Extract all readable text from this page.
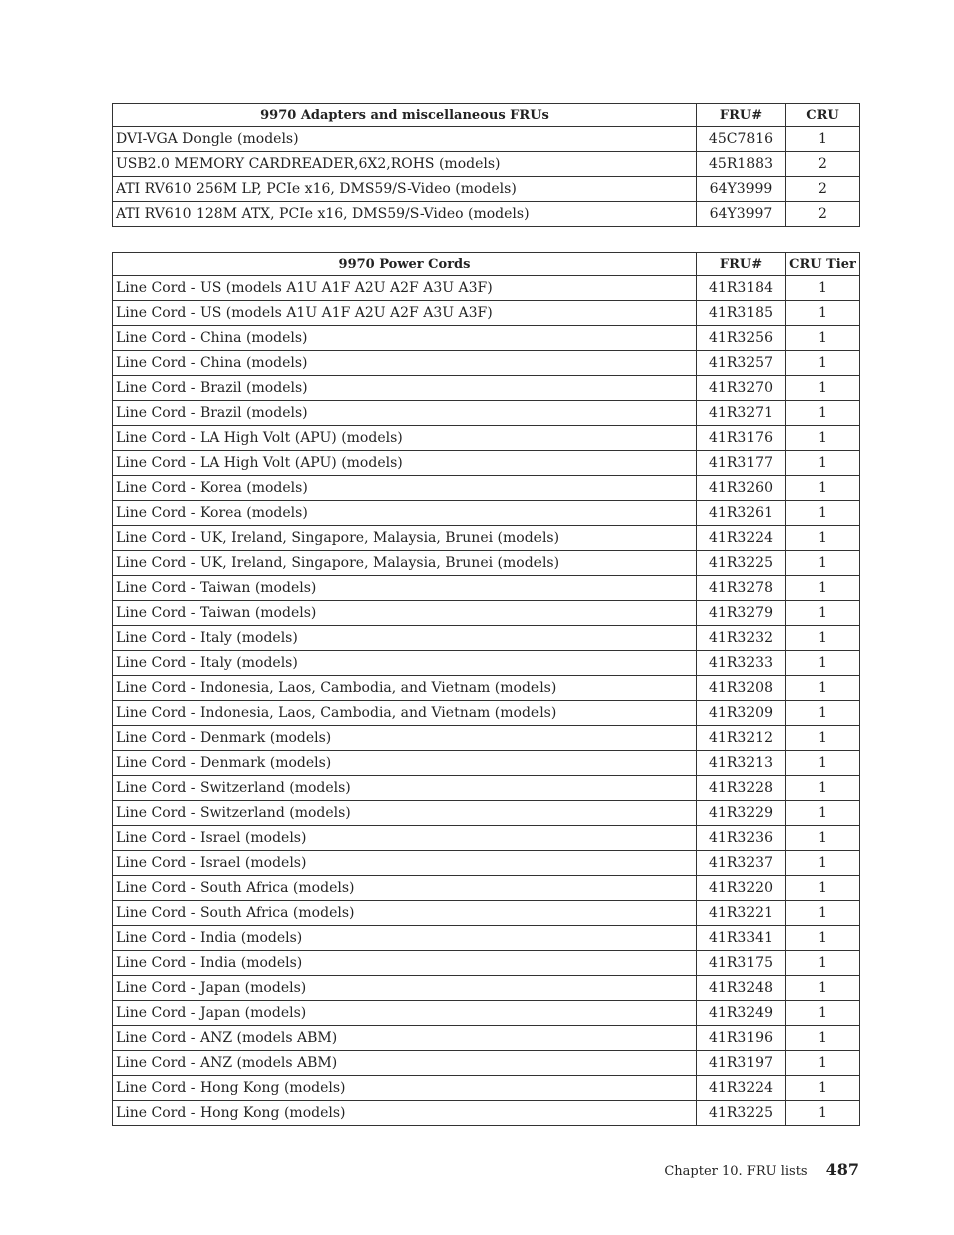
9970 Adapters and miscellaneous FRUs	FRU#	CRU
DVI-VGA Dongle (models)	45C7816	1
USB2.0 MEMORY CARDREADER,6X2,ROHS (models)	45R1883	2
ATI RV610 256M LP, PCIe x16, DMS59/S-Video (models)	64Y3999	2
ATI RV610 128M ATX, PCIe x16, DMS59/S-Video (models)	64Y3997	2
9970 Power Cords	FRU#	CRU Tier
Line Cord - US (models A1U A1F A2U A2F A3U A3F)	41R3184	1
Line Cord - US (models A1U A1F A2U A2F A3U A3F)	41R3185	1
Line Cord - China (models)	41R3256	1
Line Cord - China (models)	41R3257	1
Line Cord - Brazil (models)	41R3270	1
Line Cord - Brazil (models)	41R3271	1
Line Cord - LA High Volt (APU) (models)	41R3176	1
Line Cord - LA High Volt (APU) (models)	41R3177	1
Line Cord - Korea (models)	41R3260	1
Line Cord - Korea (models)	41R3261	1
Line Cord - UK, Ireland, Singapore, Malaysia, Brunei (models)	41R3224	1
Line Cord - UK, Ireland, Singapore, Malaysia, Brunei (models)	41R3225	1
Line Cord - Taiwan (models)	41R3278	1
Line Cord - Taiwan (models)	41R3279	1
Line Cord - Italy (models)	41R3232	1
Line Cord - Italy (models)	41R3233	1
Line Cord - Indonesia, Laos, Cambodia, and Vietnam (models)	41R3208	1
Line Cord - Indonesia, Laos, Cambodia, and Vietnam (models)	41R3209	1
Line Cord - Denmark (models)	41R3212	1
Line Cord - Denmark (models)	41R3213	1
Line Cord - Switzerland (models)	41R3228	1
Line Cord - Switzerland (models)	41R3229	1
Line Cord - Israel (models)	41R3236	1
Line Cord - Israel (models)	41R3237	1
Line Cord - South Africa (models)	41R3220	1
Line Cord - South Africa (models)	41R3221	1
Line Cord - India (models)	41R3341	1
Line Cord - India (models)	41R3175	1
Line Cord - Japan (models)	41R3248	1
Line Cord - Japan (models)	41R3249	1
Line Cord - ANZ (models ABM)	41R3196	1
Line Cord - ANZ (models ABM)	41R3197	1
Line Cord - Hong Kong (models)	41R3224	1
Line Cord - Hong Kong (models)	41R3225	1
Chapter 10. FRU lists 487
